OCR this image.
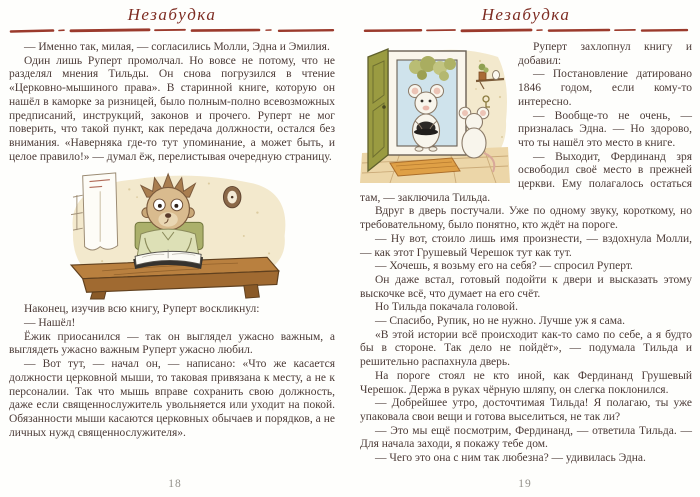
Незабудка

— Именно так, милая, — согласились Молли, Эдна и Эмилия.

Один лишь Руперт промолчал. Но вовсе не потому, что не разделял мнения Тильды. Он снова погрузился в чтение «Церковно-мышиного права». В старинной книге, которую он нашёл в каморке за ризницей, было полным-полно всевозможных предписаний, инструкций, законов и прочего. Руперт не мог поверить, что такой пункт, как передача должности, остался без внимания. «Наверняка где-то тут упоминание, а может быть, и целое правило!» — думал ёж, перелистывая очередную страницу.

Наконец, изучив всю книгу, Руперт воскликнул:

— Нашёл!

Ёжик приосанился — так он выглядел ужасно важным, а выглядеть ужасно важным Руперт ужасно любил.

— Вот тут, — начал он, — написано: «Что же касается должности церковной мыши, то таковая привязана к месту, а не к персоналии. Так что мышь вправе сохранить свою должность, даже если священнослужитель увольняется или уходит на покой. Обязанности мыши касаются церковных обычаев и порядков, а не личных нужд священнослужителя».

18
Незабудка

Руперт захлопнул книгу и добавил:

— Постановление датировано 1846 годом, если кому-то интересно.

— Вообще-то не очень, — призналась Эдна. — Но здорово, что ты нашёл это место в книге.

— Выходит, Фердинанд зря освободил своё место в прежней церкви. Ему полагалось остаться там, — заключила Тильда.

Вдруг в дверь постучали. Уже по одному звуку, короткому, но требовательному, было понятно, кто ждёт на пороге.

— Ну вот, стоило лишь имя произнести, — вздохнула Молли, — как этот Грушевый Черешок тут как тут.

— Хочешь, я возьму его на себя? — спросил Руперт.

Он даже встал, готовый подойти к двери и высказать этому выскочке всё, что думает на его счёт.

Но Тильда покачала головой.

— Спасибо, Рупик, но не нужно. Лучше уж я сама.

«В этой истории всё происходит как-то само по себе, а я будто бы в стороне. Так дело не пойдёт», — подумала Тильда и решительно распахнула дверь.

На пороге стоял не кто иной, как Фердинанд Грушевый Черешок. Держа в руках чёрную шляпу, он слегка поклонился.

— Добрейшее утро, досточтимая Тильда! Я полагаю, ты уже упаковала свои вещи и готова выселиться, не так ли?

— Это мы ещё посмотрим, Фердинанд, — ответила Тильда. — Для начала заходи, я покажу тебе дом.

— Чего это она с ним так любезна? — удивилась Эдна.

19
